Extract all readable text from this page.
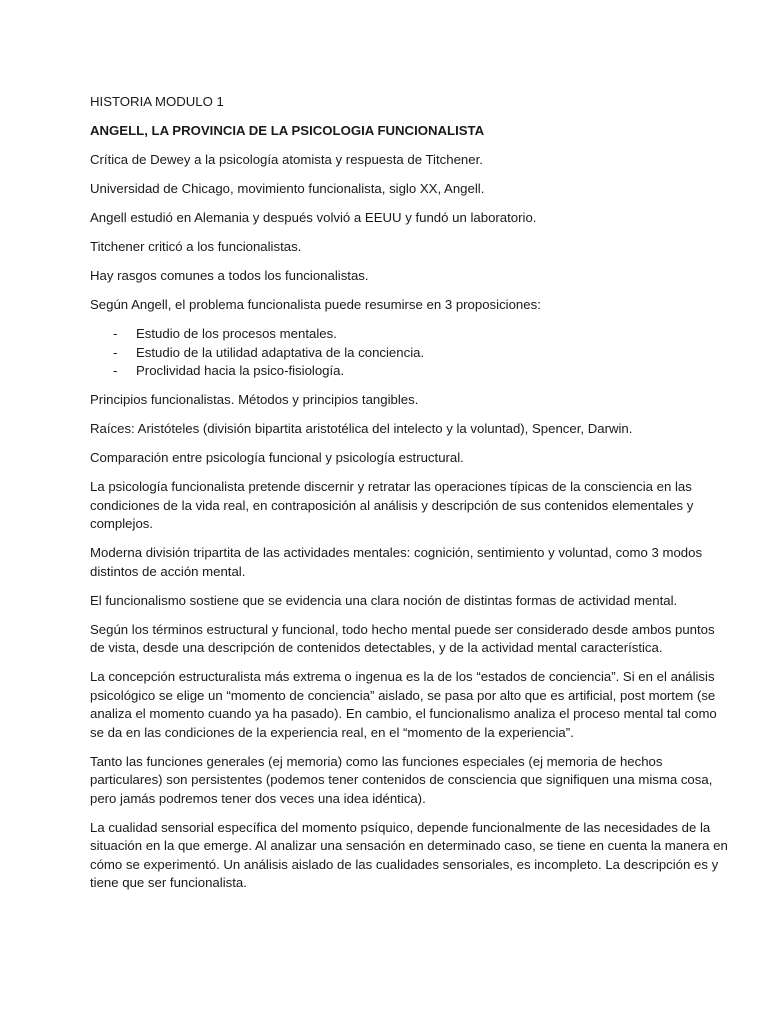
HISTORIA MODULO 1

ANGELL, LA PROVINCIA DE LA PSICOLOGIA FUNCIONALISTA

Crítica de Dewey a la psicología atomista y respuesta de Titchener.

Universidad de Chicago, movimiento funcionalista, siglo XX, Angell.

Angell estudió en Alemania y después volvió a EEUU y fundó un laboratorio.

Titchener criticó a los funcionalistas.

Hay rasgos comunes a todos los funcionalistas.

Según Angell, el problema funcionalista puede resumirse en 3 proposiciones:

- Estudio de los procesos mentales.
- Estudio de la utilidad adaptativa de la conciencia.
- Proclividad hacia la psico-fisiología.

Principios funcionalistas. Métodos y principios tangibles.

Raíces: Aristóteles (división bipartita aristotélica del intelecto y la voluntad), Spencer, Darwin.

Comparación entre psicología funcional y psicología estructural.

La psicología funcionalista pretende discernir y retratar las operaciones típicas de la consciencia en las condiciones de la vida real, en contraposición al análisis y descripción de sus contenidos elementales y complejos.

Moderna división tripartita de las actividades mentales: cognición, sentimiento y voluntad, como 3 modos distintos de acción mental.

El funcionalismo sostiene que se evidencia una clara noción de distintas formas de actividad mental.

Según los términos estructural y funcional, todo hecho mental puede ser considerado desde ambos puntos de vista, desde una descripción de contenidos detectables, y de la actividad mental característica.

La concepción estructuralista más extrema o ingenua es la de los “estados de conciencia”. Si en el análisis psicológico se elige un “momento de conciencia” aislado, se pasa por alto que es artificial, post mortem (se analiza el momento cuando ya ha pasado). En cambio, el funcionalismo analiza el proceso mental tal como se da en las condiciones de la experiencia real, en el “momento de la experiencia”.

Tanto las funciones generales (ej memoria) como las funciones especiales (ej memoria de hechos particulares) son persistentes (podemos tener contenidos de consciencia que signifiquen una misma cosa, pero jamás podremos tener dos veces una idea idéntica).

La cualidad sensorial específica del momento psíquico, depende funcionalmente de las necesidades de la situación en la que emerge. Al analizar una sensación en determinado caso, se tiene en cuenta la manera en cómo se experimentó. Un análisis aislado de las cualidades sensoriales, es incompleto. La descripción es y tiene que ser funcionalista.
